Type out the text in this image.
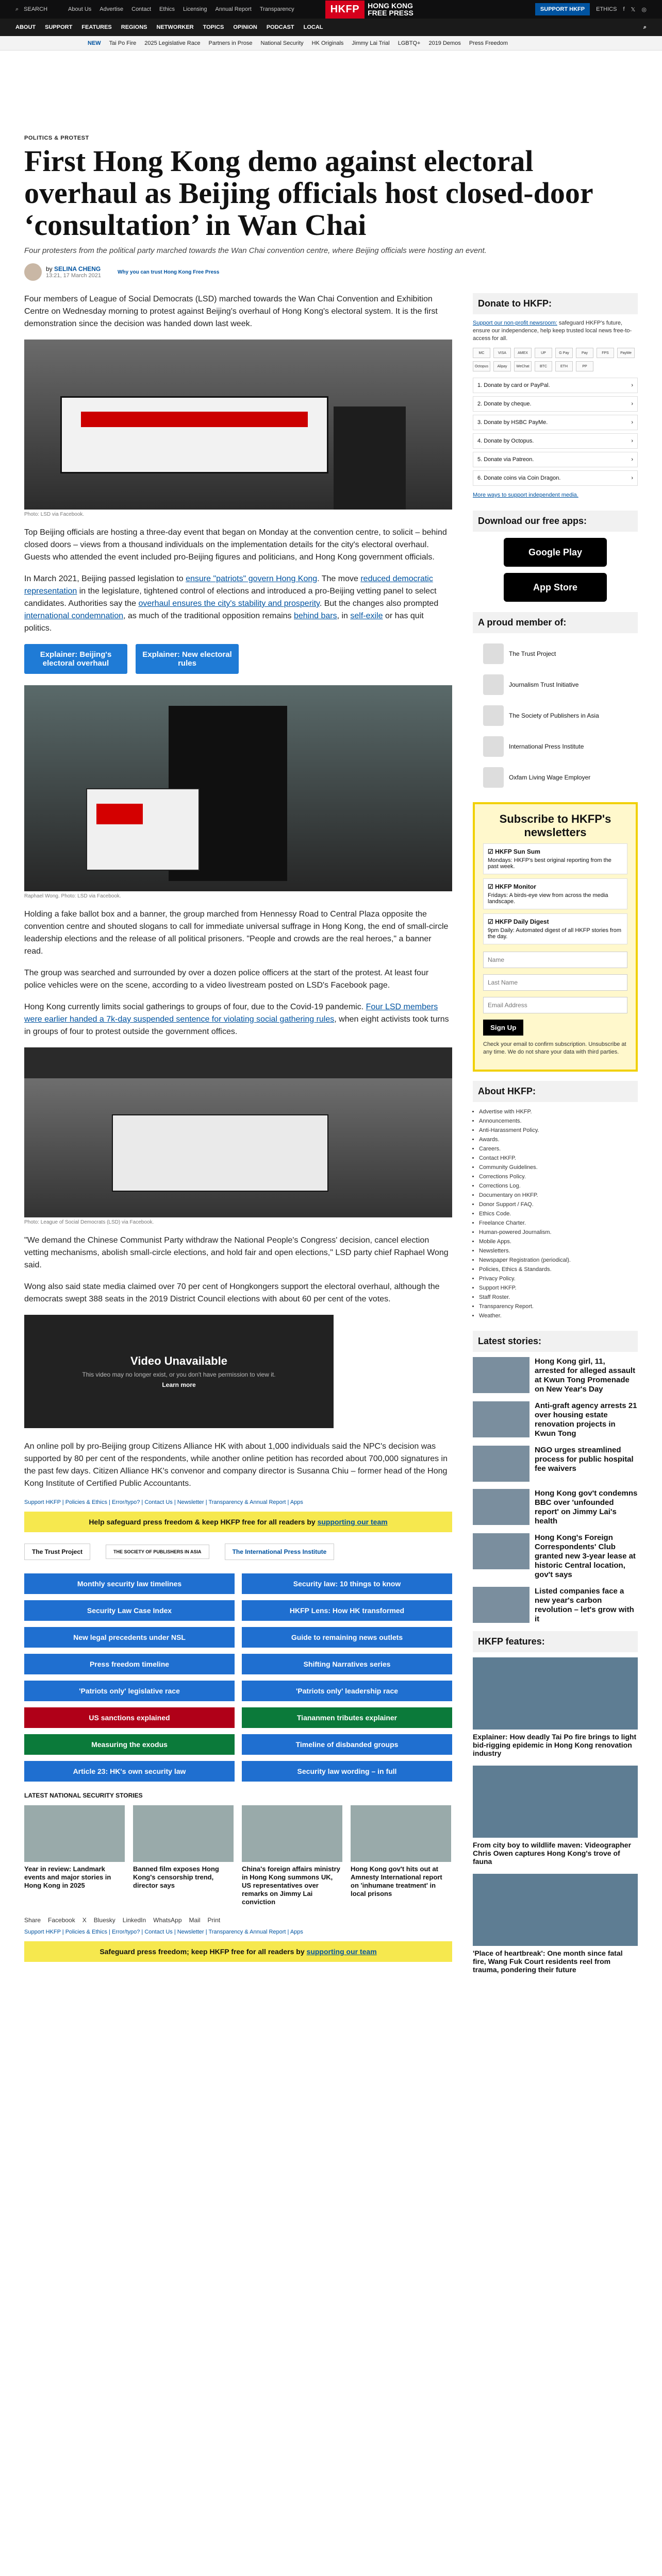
⌕ SEARCH	About Us Advertise Contact Ethics Licensing Annual Report Transparency	HKFP	HONG KONG
FREE PRESS	SUPPORT HKFP	ETHICS f 𝕏 ◎
ABOUT SUPPORT FEATURES REGIONS NETWORKER TOPICS OPINION PODCAST LOCAL	⌕
NEW Tai Po Fire 2025 Legislative Race Partners in Prose National Security HK Originals Jimmy Lai Trial LGBTQ+ 2019 Demos Press Freedom
POLITICS & PROTEST
First Hong Kong demo against electoral overhaul as Beijing officials host closed-door ‘consultation’ in Wan Chai
Four protesters from the political party marched towards the Wan Chai convention centre, where Beijing officials were hosting an event.
by SELINA CHENG
13:21, 17 March 2021
Why you can trust Hong Kong Free Press

Four members of League of Social Democrats (LSD) marched towards the Wan Chai Convention and Exhibition Centre on Wednesday morning to protest against Beijing's overhaul of Hong Kong's electoral system. It is the first demonstration since the decision was handed down last week.

Photo: LSD via Facebook.

Top Beijing officials are hosting a three-day event that began on Monday at the convention centre, to solicit – behind closed doors – views from a thousand individuals on the implementation details for the city's electoral overhaul. Guests who attended the event included pro-Beijing figures and politicians, and Hong Kong government officials.

In March 2021, Beijing passed legislation to ensure "patriots" govern Hong Kong. The move reduced democratic representation in the legislature, tightened control of elections and introduced a pro-Beijing vetting panel to select candidates. Authorities say the overhaul ensures the city's stability and prosperity. But the changes also prompted international condemnation, as much of the traditional opposition remains behind bars, in self-exile or has quit politics.

Explainer: Beijing's electoral overhaul
Explainer: New electoral rules
Raphael Wong. Photo: LSD via Facebook.

Holding a fake ballot box and a banner, the group marched from Hennessy Road to Central Plaza opposite the convention centre and shouted slogans to call for immediate universal suffrage in Hong Kong, the end of small-circle leadership elections and the release of all political prisoners. "People and crowds are the real heroes," a banner read.

The group was searched and surrounded by over a dozen police officers at the start of the protest. At least four police vehicles were on the scene, according to a video livestream posted on LSD's Facebook page.

Hong Kong currently limits social gatherings to groups of four, due to the Covid-19 pandemic. Four LSD members were earlier handed a 7k-day suspended sentence for violating social gathering rules, when eight activists took turns in groups of four to protest outside the government offices.

Photo: League of Social Democrats (LSD) via Facebook.

"We demand the Chinese Communist Party withdraw the National People's Congress' decision, cancel election vetting mechanisms, abolish small-circle elections, and hold fair and open elections," LSD party chief Raphael Wong said.

Wong also said state media claimed over 70 per cent of Hongkongers support the electoral overhaul, although the democrats swept 388 seats in the 2019 District Council elections with about 60 per cent of the votes.

Video Unavailable
This video may no longer exist, or you don't have permission to view it.
Learn more

An online poll by pro-Beijing group Citizens Alliance HK with about 1,000 individuals said the NPC's decision was supported by 80 per cent of the respondents, while another online petition has recorded about 700,000 signatures in the past few days. Citizen Alliance HK's convenor and company director is Susanna Chiu – former head of the Hong Kong Institute of Certified Public Accountants.

Support HKFP | Policies & Ethics | Error/typo? | Contact Us | Newsletter | Transparency & Annual Report | Apps
Help safeguard press freedom & keep HKFP free for all readers by supporting our team
The Trust Project	THE SOCIETY OF PUBLISHERS IN ASIA	The International Press Institute
Monthly security law timelines	Security law: 10 things to know
Security Law Case Index	HKFP Lens: How HK transformed
New legal precedents under NSL	Guide to remaining news outlets
Press freedom timeline	Shifting Narratives series
'Patriots only' legislative race	'Patriots only' leadership race
US sanctions explained	Tiananmen tributes explainer
Measuring the exodus	Timeline of disbanded groups
Article 23: HK's own security law	Security law wording – in full
LATEST NATIONAL SECURITY STORIES
Year in review: Landmark events and major stories in Hong Kong in 2025
Banned film exposes Hong Kong's censorship trend, director says
China's foreign affairs ministry in Hong Kong summons UK, US representatives over remarks on Jimmy Lai conviction
Hong Kong gov't hits out at Amnesty International report on 'inhumane treatment' in local prisons
Share Facebook X Bluesky LinkedIn WhatsApp Mail Print
Support HKFP | Policies & Ethics | Error/typo? | Contact Us | Newsletter | Transparency & Annual Report | Apps
Safeguard press freedom; keep HKFP free for all readers by supporting our team
Donate to HKFP:

Support our non-profit newsroom: safeguard HKFP's future, ensure our independence, help keep trusted local news free-to-access for all.

MC	VISA	AMEX	UP	G Pay	Pay	FPS	PayMe
Octopus	Alipay	WeChat	BTC	ETH	PP
1. Donate by card or PayPal.	›
2. Donate by cheque.	›
3. Donate by HSBC PayMe.	›
4. Donate by Octopus.	›
5. Donate via Patreon.	›
6. Donate coins via Coin Dragon.	›
More ways to support independent media.
Download our free apps:
Google Play
App Store
A proud member of:
The Trust Project
Journalism Trust Initiative
The Society of Publishers in Asia
International Press Institute
Oxfam Living Wage Employer
Subscribe to HKFP's newsletters
☑ HKFP Sun Sum
Mondays: HKFP's best original reporting from the past week.
☑ HKFP Monitor
Fridays: A birds-eye view from across the media landscape.
☑ HKFP Daily Digest
9pm Daily: Automated digest of all HKFP stories from the day.
Name Last Name Email Address Sign Up

Check your email to confirm subscription. Unsubscribe at any time. We do not share your data with third parties.

About HKFP:
• Advertise with HKFP.
• Announcements.
• Anti-Harassment Policy.
• Awards.
• Careers.
• Contact HKFP.
• Community Guidelines.
• Corrections Policy.
• Corrections Log.
• Documentary on HKFP.
• Donor Support / FAQ.
• Ethics Code.
• Freelance Charter.
• Human-powered Journalism.
• Mobile Apps.
• Newsletters.
• Newspaper Registration (periodical).
• Policies, Ethics & Standards.
• Privacy Policy.
• Support HKFP.
• Staff Roster.
• Transparency Report.
• Weather.
Latest stories:
Hong Kong girl, 11, arrested for alleged assault at Kwun Tong Promenade on New Year's Day
Anti-graft agency arrests 21 over housing estate renovation projects in Kwun Tong
NGO urges streamlined process for public hospital fee waivers
Hong Kong gov't condemns BBC over 'unfounded report' on Jimmy Lai's health
Hong Kong's Foreign Correspondents' Club granted new 3-year lease at historic Central location, gov't says
Listed companies face a new year's carbon revolution – let's grow with it
HKFP features:
Explainer: How deadly Tai Po fire brings to light bid-rigging epidemic in Hong Kong renovation industry
From city boy to wildlife maven: Videographer Chris Owen captures Hong Kong's trove of fauna
'Place of heartbreak': One month since fatal fire, Wang Fuk Court residents reel from trauma, pondering their future
